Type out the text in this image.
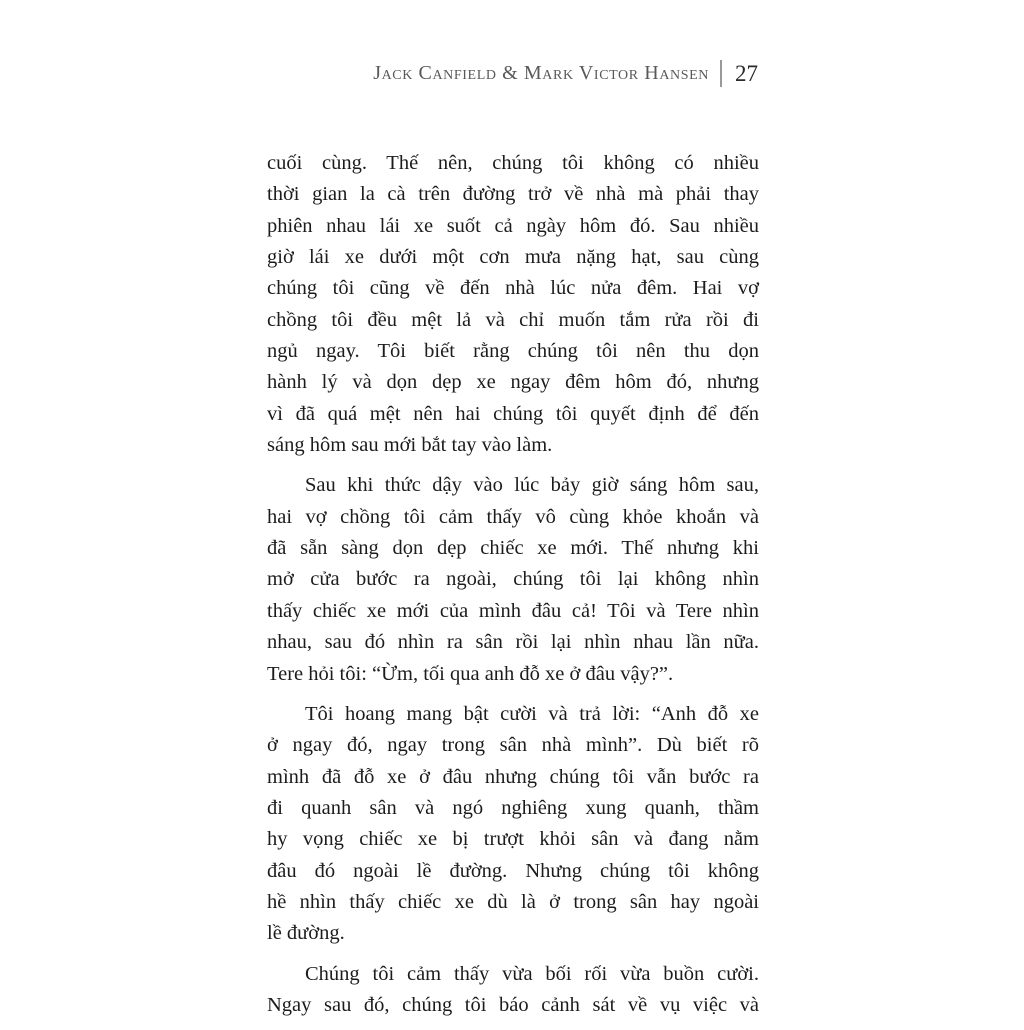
Jack Canfield & Mark Victor Hansen 27

cuối cùng. Thế nên, chúng tôi không có nhiều
thời gian la cà trên đường trở về nhà mà phải thay
phiên nhau lái xe suốt cả ngày hôm đó. Sau nhiều
giờ lái xe dưới một cơn mưa nặng hạt, sau cùng
chúng tôi cũng về đến nhà lúc nửa đêm. Hai vợ
chồng tôi đều mệt lả và chỉ muốn tắm rửa rồi đi
ngủ ngay. Tôi biết rằng chúng tôi nên thu dọn
hành lý và dọn dẹp xe ngay đêm hôm đó, nhưng
vì đã quá mệt nên hai chúng tôi quyết định để đến
sáng hôm sau mới bắt tay vào làm.

Sau khi thức dậy vào lúc bảy giờ sáng hôm sau,
hai vợ chồng tôi cảm thấy vô cùng khỏe khoắn và
đã sẵn sàng dọn dẹp chiếc xe mới. Thế nhưng khi
mở cửa bước ra ngoài, chúng tôi lại không nhìn
thấy chiếc xe mới của mình đâu cả! Tôi và Tere nhìn
nhau, sau đó nhìn ra sân rồi lại nhìn nhau lần nữa.
Tere hỏi tôi: “Ừm, tối qua anh đỗ xe ở đâu vậy?”.

Tôi hoang mang bật cười và trả lời: “Anh đỗ xe
ở ngay đó, ngay trong sân nhà mình”. Dù biết rõ
mình đã đỗ xe ở đâu nhưng chúng tôi vẫn bước ra
đi quanh sân và ngó nghiêng xung quanh, thầm
hy vọng chiếc xe bị trượt khỏi sân và đang nằm
đâu đó ngoài lề đường. Nhưng chúng tôi không
hề nhìn thấy chiếc xe dù là ở trong sân hay ngoài
lề đường.

Chúng tôi cảm thấy vừa bối rối vừa buồn cười.
Ngay sau đó, chúng tôi báo cảnh sát về vụ việc và
